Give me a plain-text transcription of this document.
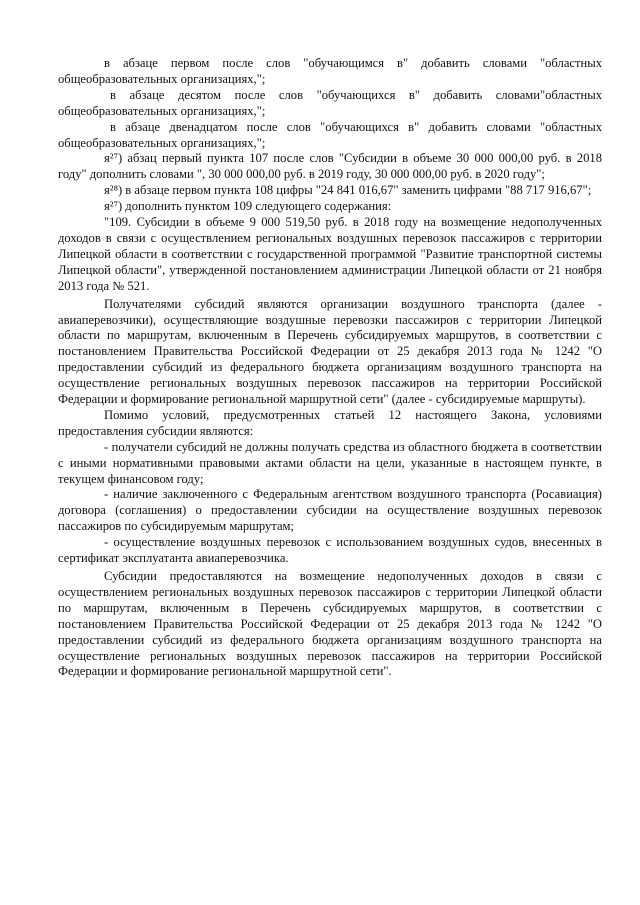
в абзаце первом после слов "обучающимся в" добавить словами "областных общеобразовательных организациях,";

в абзаце десятом после слов "обучающихся в" добавить словами"областных общеобразовательных организациях,";

в абзаце двенадцатом после слов "обучающихся в" добавить словами "областных общеобразовательных организациях,";

я²⁷) абзац первый пункта 107 после слов "Субсидии в объеме 30 000 000,00 руб. в 2018 году" дополнить словами ", 30 000 000,00 руб. в 2019 году, 30 000 000,00 руб. в 2020 году";

я²⁸) в абзаце первом пункта 108 цифры "24 841 016,67" заменить цифрами "88 717 916,67";

я²⁷) дополнить пунктом 109 следующего содержания:

"109. Субсидии в объеме 9 000 519,50 руб. в 2018 году на возмещение недополученных доходов в связи с осуществлением региональных воздушных перевозок пассажиров с территории Липецкой области в соответствии с государственной программой "Развитие транспортной системы Липецкой области", утвержденной постановлением администрации Липецкой области от 21 ноября 2013 года № 521.

Получателями субсидий являются организации воздушного транспорта (далее - авиаперевозчики), осуществляющие воздушные перевозки пассажиров с территории Липецкой области по маршрутам, включенным в Перечень субсидируемых маршрутов, в соответствии с постановлением Правительства Российской Федерации от 25 декабря 2013 года № 1242 "О предоставлении субсидий из федерального бюджета организациям воздушного транспорта на осуществление региональных воздушных перевозок пассажиров на территории Российской Федерации и формирование региональной маршрутной сети" (далее - субсидируемые маршруты).

Помимо условий, предусмотренных статьей 12 настоящего Закона, условиями предоставления субсидии являются:

- получатели субсидий не должны получать средства из областного бюджета в соответствии с иными нормативными правовыми актами области на цели, указанные в настоящем пункте, в текущем финансовом году;

- наличие заключенного с Федеральным агентством воздушного транспорта (Росавиация) договора (соглашения) о предоставлении субсидии на осуществление воздушных перевозок пассажиров по субсидируемым маршрутам;

- осуществление воздушных перевозок с использованием воздушных судов, внесенных в сертификат эксплуатанта авиаперевозчика.

Субсидии предоставляются на возмещение недополученных доходов в связи с осуществлением региональных воздушных перевозок пассажиров с территории Липецкой области по маршрутам, включенным в Перечень субсидируемых маршрутов, в соответствии с постановлением Правительства Российской Федерации от 25 декабря 2013 года № 1242 "О предоставлении субсидий из федерального бюджета организациям воздушного транспорта на осуществление региональных воздушных перевозок пассажиров на территории Российской Федерации и формирование региональной маршрутной сети".
